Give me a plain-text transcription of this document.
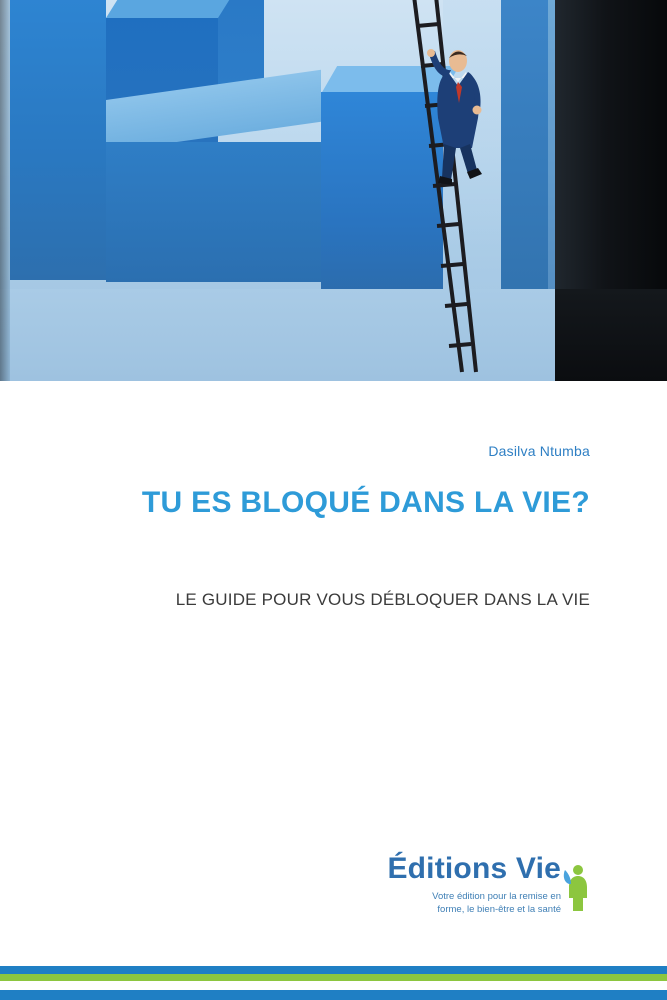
Dasilva Ntumba
TU ES BLOQUÉ DANS LA VIE?
LE GUIDE POUR VOUS DÉBLOQUER DANS LA VIE
Éditions Vie
Votre édition pour la remise en
forme, le bien-être et la santé
